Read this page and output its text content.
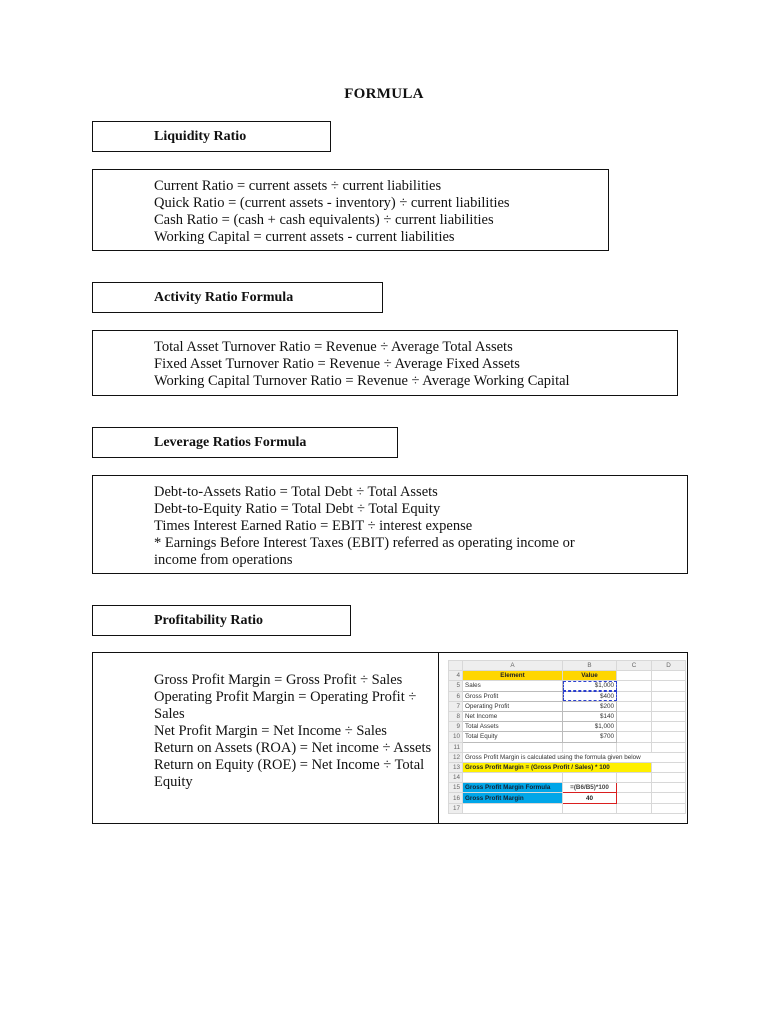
FORMULA
Liquidity Ratio

Current Ratio = current assets ÷ current liabilities

Quick Ratio = (current assets - inventory) ÷ current liabilities

Cash Ratio = (cash + cash equivalents) ÷ current liabilities

Working Capital = current assets - current liabilities

Activity Ratio Formula

Total Asset Turnover Ratio = Revenue ÷ Average Total Assets

Fixed Asset Turnover Ratio = Revenue ÷ Average Fixed Assets

Working Capital Turnover Ratio = Revenue ÷ Average Working Capital

Leverage Ratios Formula

Debt-to-Assets Ratio = Total Debt ÷ Total Assets

Debt-to-Equity Ratio = Total Debt ÷ Total Equity

Times Interest Earned Ratio = EBIT ÷ interest expense

* Earnings Before Interest Taxes (EBIT) referred as operating income or

income from operations

Profitability Ratio

Gross Profit Margin = Gross Profit ÷ Sales

Operating Profit Margin = Operating Profit ÷ Sales

Net Profit Margin = Net Income ÷ Sales

Return on Assets (ROA) = Net income ÷ Assets

Return on Equity (ROE) = Net Income ÷ Total Equity

	A	B	C	D
4	Element	Value		
5	Sales	$1,000		
6	Gross Profit	$400		
7	Operating Profit	$200		
8	Net Income	$140		
9	Total Assets	$1,000		
10	Total Equity	$700		
11				
12	Gross Profit Margin is calculated using the formula given below			
13	Gross Profit Margin = (Gross Profit / Sales) * 100			
14				
15	Gross Profit Margin Formula	=(B6/B5)*100		
16	Gross Profit Margin	40		
17				
